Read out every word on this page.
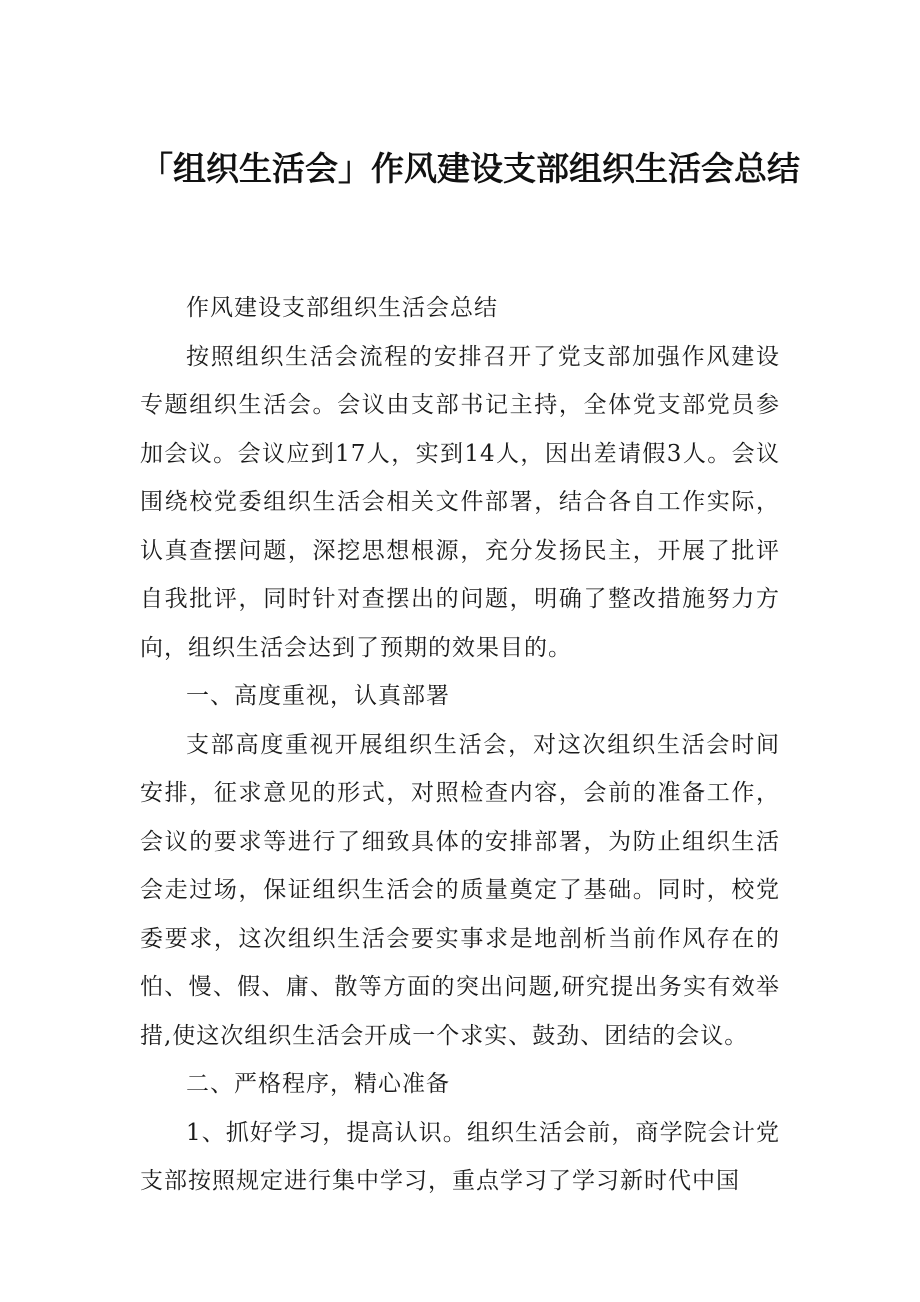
「组织生活会」作风建设支部组织生活会总结

作风建设支部组织生活会总结

按照组织生活会流程的安排召开了党支部加强作风建设专题组织生活会。会议由支部书记主持，全体党支部党员参加会议。会议应到17人，实到14人，因出差请假3人。会议围绕校党委组织生活会相关文件部署，结合各自工作实际，认真查摆问题，深挖思想根源，充分发扬民主，开展了批评自我批评，同时针对查摆出的问题，明确了整改措施努力方向，组织生活会达到了预期的效果目的。

一、高度重视，认真部署

支部高度重视开展组织生活会，对这次组织生活会时间安排，征求意见的形式，对照检查内容，会前的准备工作，会议的要求等进行了细致具体的安排部署，为防止组织生活会走过场，保证组织生活会的质量奠定了基础。同时，校党委要求，这次组织生活会要实事求是地剖析当前作风存在的怕、慢、假、庸、散等方面的突出问题,研究提出务实有效举措,使这次组织生活会开成一个求实、鼓劲、团结的会议。

二、严格程序，精心准备

1、抓好学习，提高认识。组织生活会前，商学院会计党支部按照规定进行集中学习，重点学习了学习新时代中国
